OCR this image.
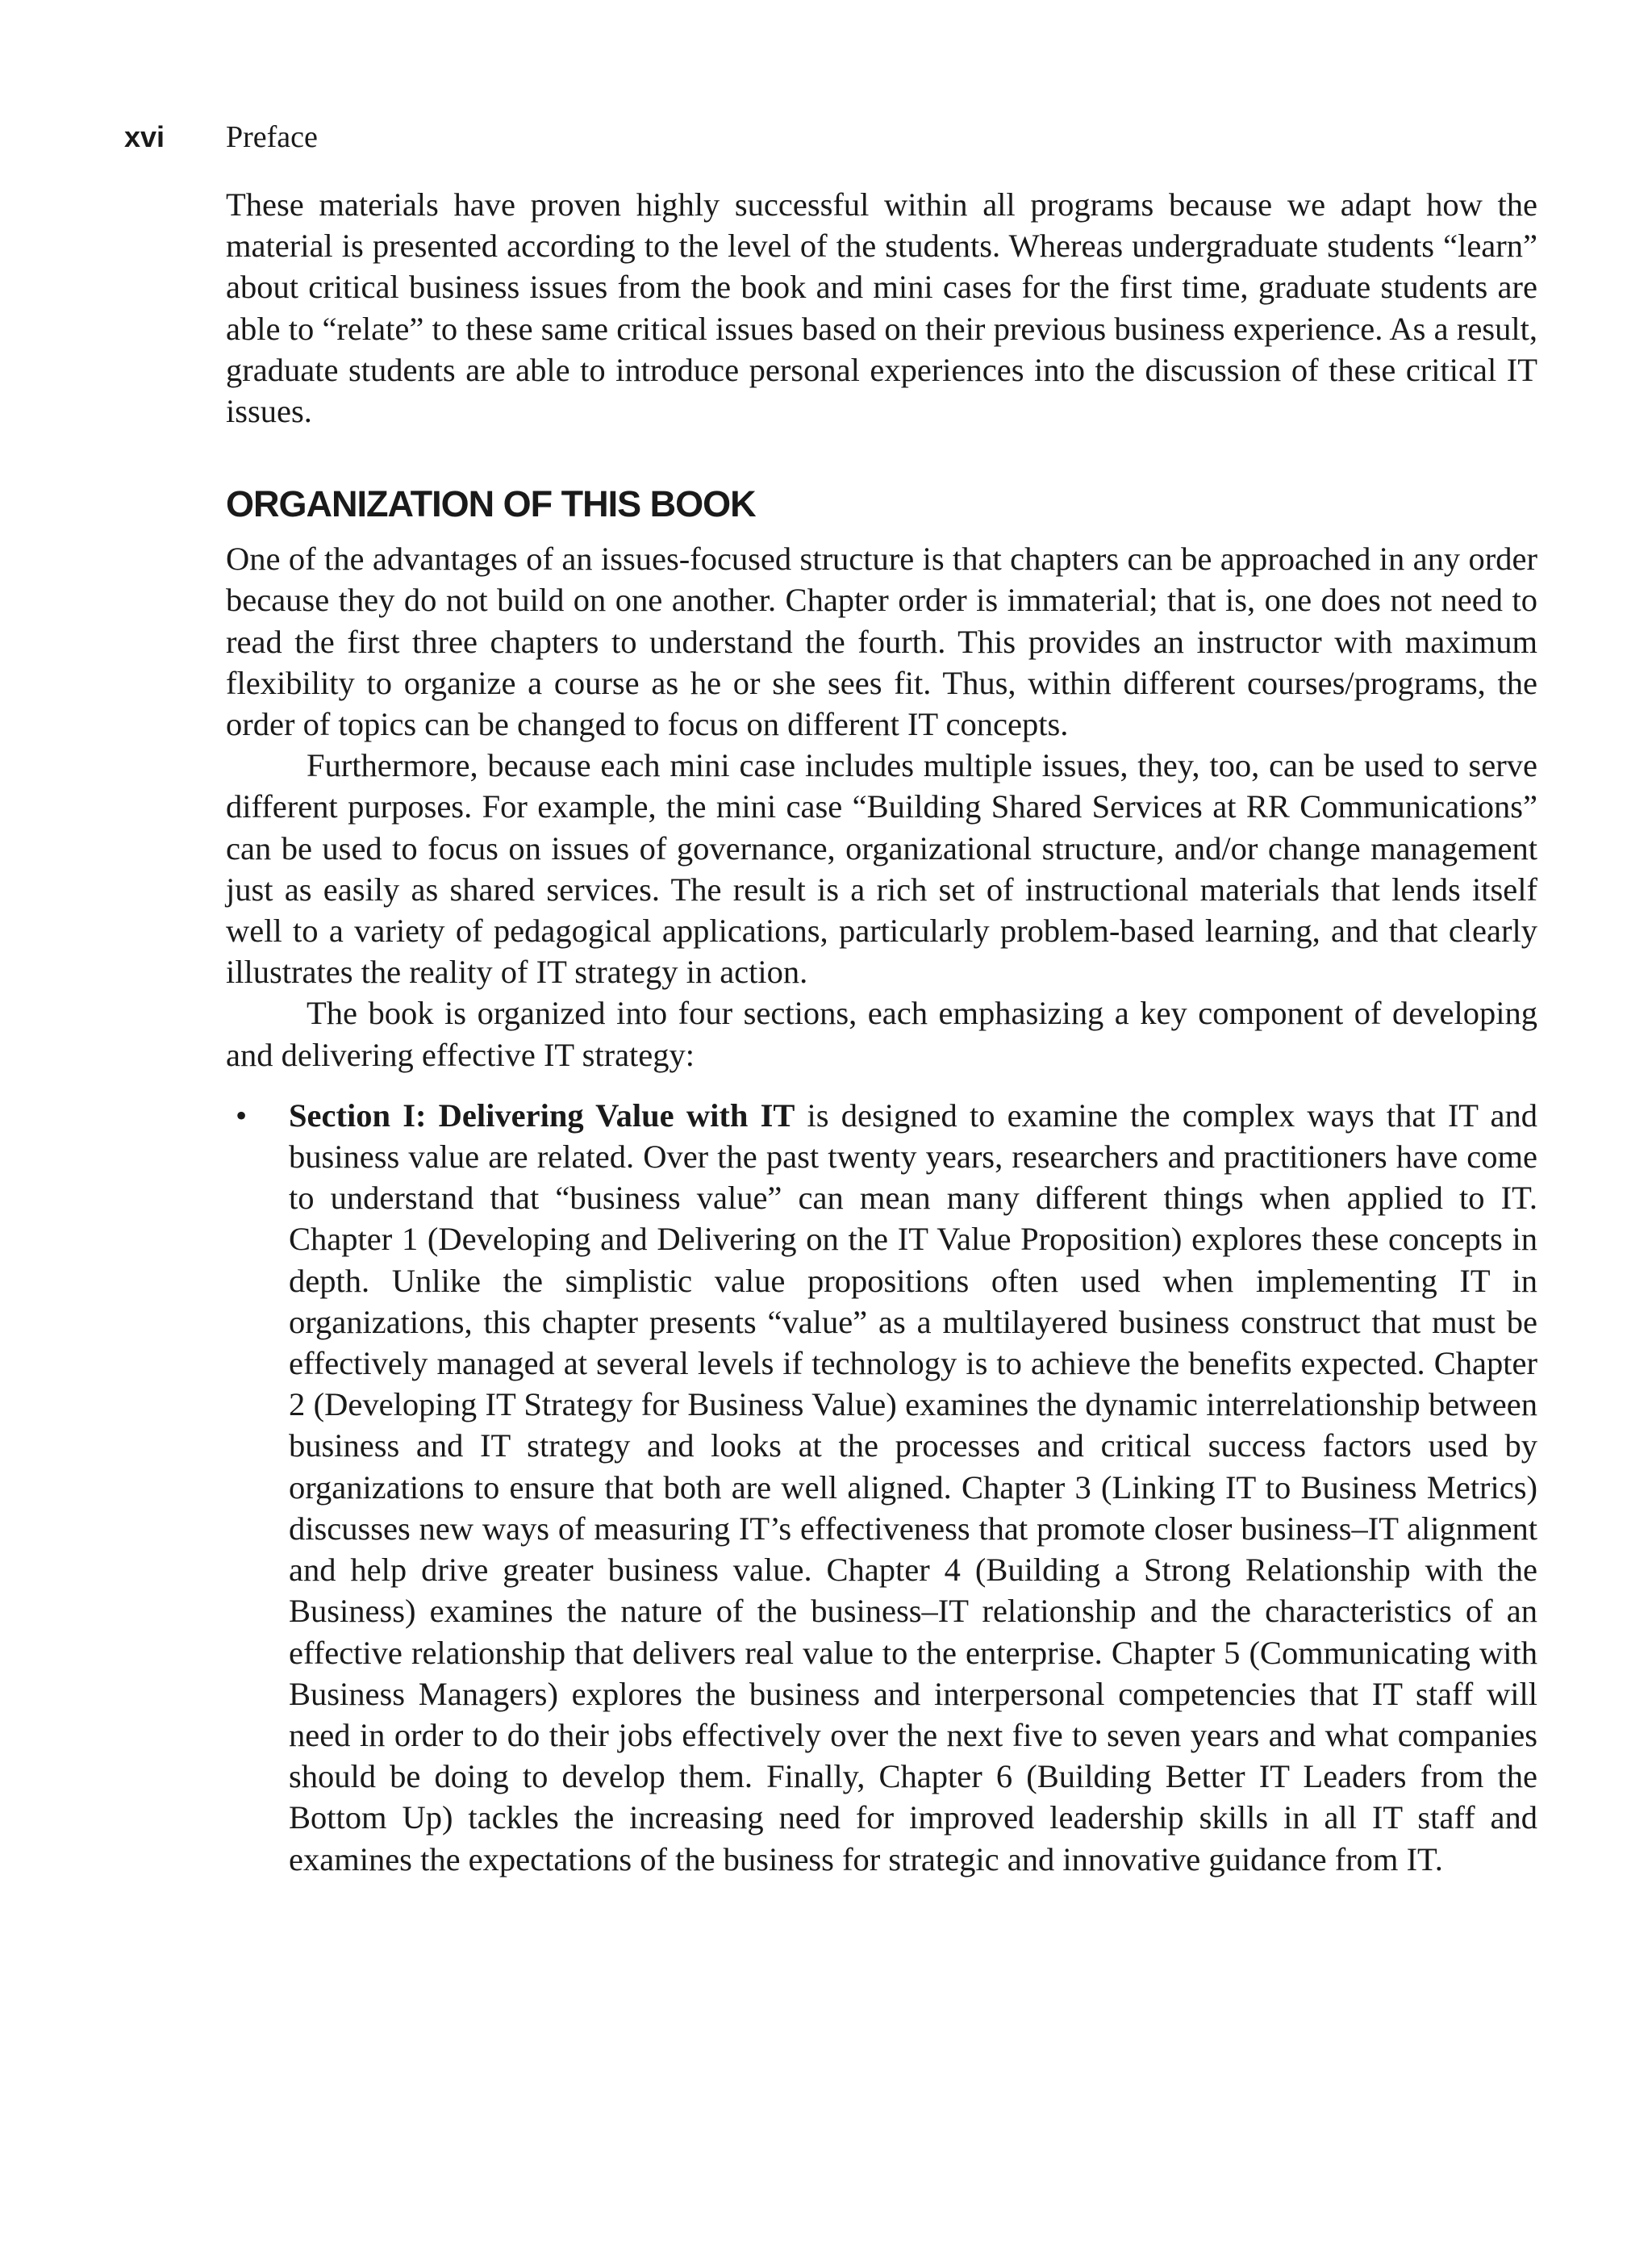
xvi Preface

These materials have proven highly successful within all programs because we adapt how the material is presented according to the level of the students. Whereas undergraduate students “learn” about critical business issues from the book and mini cases for the first time, graduate students are able to “relate” to these same critical issues based on their previous business experience. As a result, graduate students are able to introduce personal experiences into the discussion of these critical IT issues.

ORGANIZATION OF THIS BOOK

One of the advantages of an issues-focused structure is that chapters can be approached in any order because they do not build on one another. Chapter order is immaterial; that is, one does not need to read the first three chapters to understand the fourth. This provides an instructor with maximum flexibility to organize a course as he or she sees fit. Thus, within different courses/programs, the order of topics can be changed to focus on different IT concepts.

Furthermore, because each mini case includes multiple issues, they, too, can be used to serve different purposes. For example, the mini case “Building Shared Services at RR Communications” can be used to focus on issues of governance, organizational structure, and/or change management just as easily as shared services. The result is a rich set of instructional materials that lends itself well to a variety of pedagogical applications, particularly problem-based learning, and that clearly illustrates the reality of IT strategy in action.

The book is organized into four sections, each emphasizing a key component of developing and delivering effective IT strategy:

• Section I: Delivering Value with IT is designed to examine the complex ways that IT and business value are related. Over the past twenty years, researchers and practitioners have come to understand that “business value” can mean many different things when applied to IT. Chapter 1 (Developing and Delivering on the IT Value Proposition) explores these concepts in depth. Unlike the simplistic value propositions often used when implementing IT in organizations, this chapter presents “value” as a multilayered business construct that must be effectively managed at several levels if technology is to achieve the benefits expected. Chapter 2 (Developing IT Strategy for Business Value) examines the dynamic interrelationship between business and IT strategy and looks at the processes and critical success factors used by organizations to ensure that both are well aligned. Chapter 3 (Linking IT to Business Metrics) discusses new ways of measuring IT’s effectiveness that promote closer business–IT alignment and help drive greater business value. Chapter 4 (Building a Strong Relationship with the Business) examines the nature of the business–IT relationship and the characteristics of an effective relationship that delivers real value to the enterprise. Chapter 5 (Communicating with Business Managers) explores the business and interpersonal competencies that IT staff will need in order to do their jobs effectively over the next five to seven years and what companies should be doing to develop them. Finally, Chapter 6 (Building Better IT Leaders from the Bottom Up) tackles the increasing need for improved leadership skills in all IT staff and examines the expectations of the business for strategic and innovative guidance from IT.
